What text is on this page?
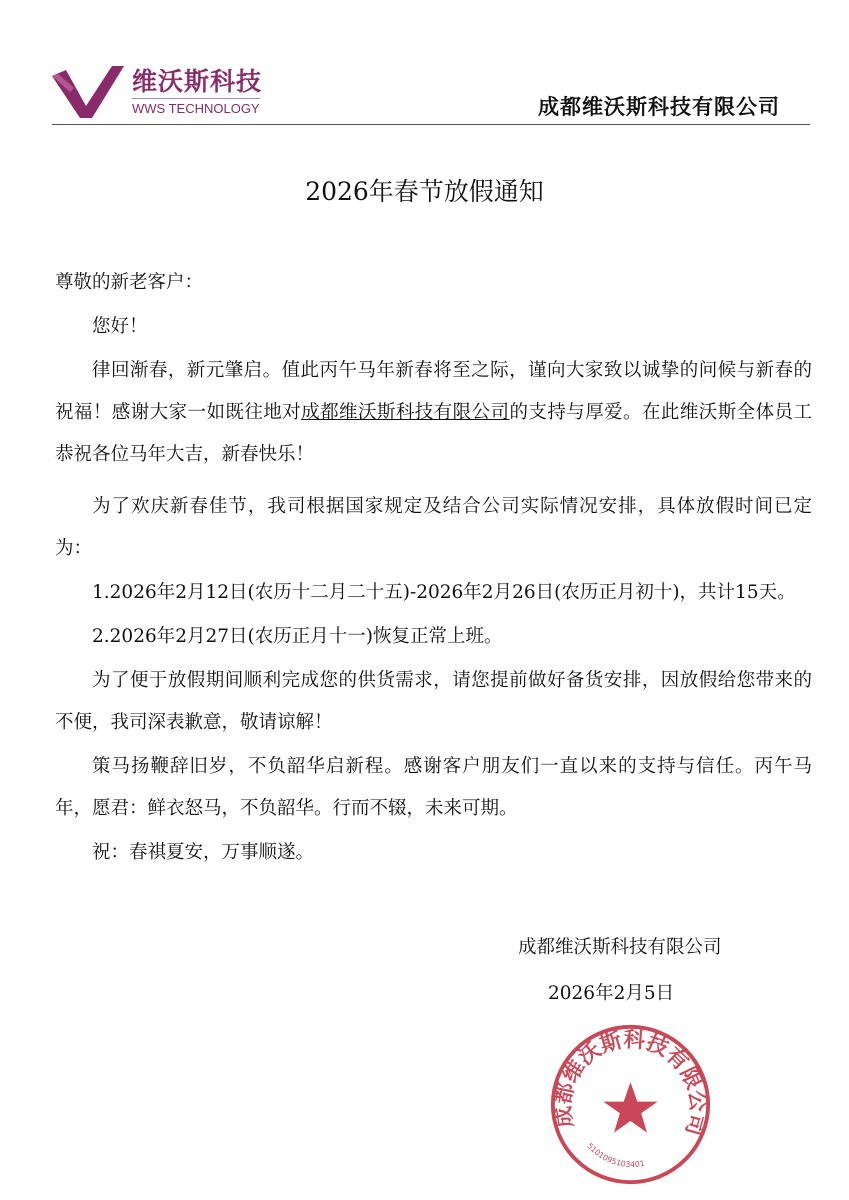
维沃斯科技
WWS TECHNOLOGY	成都维沃斯科技有限公司
2026年春节放假通知

尊敬的新老客户：

您好！

律回渐春，新元肇启。值此丙午马年新春将至之际，谨向大家致以诚挚的问候与新春的祝福！感谢大家一如既往地对成都维沃斯科技有限公司的支持与厚爱。在此维沃斯全体员工恭祝各位马年大吉，新春快乐！

为了欢庆新春佳节，我司根据国家规定及结合公司实际情况安排，具体放假时间已定为：

1.2026年2月12日(农历十二月二十五)-2026年2月26日(农历正月初十)，共计15天。

2.2026年2月27日(农历正月十一)恢复正常上班。

为了便于放假期间顺利完成您的供货需求，请您提前做好备货安排，因放假给您带来的不便，我司深表歉意，敬请谅解！

策马扬鞭辞旧岁，不负韶华启新程。感谢客户朋友们一直以来的支持与信任。丙午马年，愿君：鲜衣怒马，不负韶华。行而不辍，未来可期。

祝：春祺夏安，万事顺遂。

成都维沃斯科技有限公司
2026年2月5日
成都维沃斯科技有限公司
5101095103401
